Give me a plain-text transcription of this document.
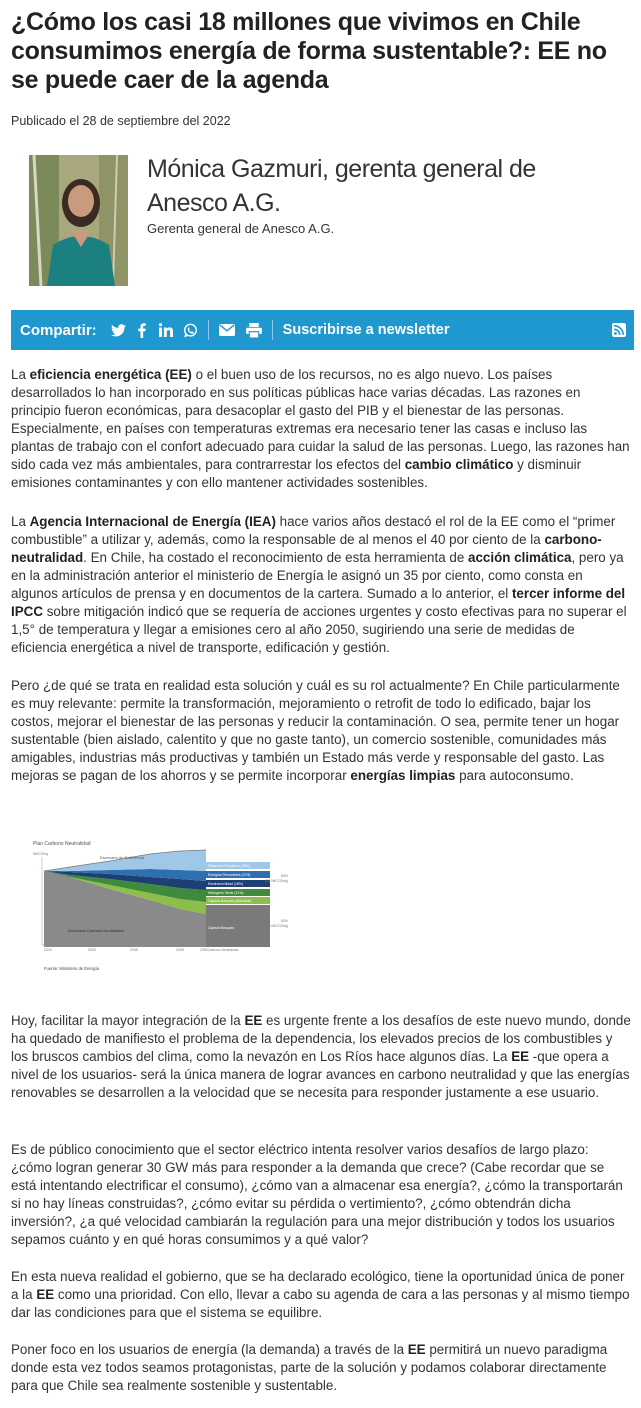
¿Cómo los casi 18 millones que vivimos en Chile consumimos energía de forma sustentable?: EE no se puede caer de la agenda
Publicado el 28 de septiembre del 2022
Mónica Gazmuri, gerenta general de Anesco A.G.
Gerenta general de Anesco A.G.
Compartir:	Suscribirse a newsletter

La eficiencia energética (EE) o el buen uso de los recursos, no es algo nuevo. Los países desarrollados lo han incorporado en sus políticas públicas hace varias décadas. Las razones en principio fueron económicas, para desacoplar el gasto del PIB y el bienestar de las personas. Especialmente, en países con temperaturas extremas era necesario tener las casas e incluso las plantas de trabajo con el confort adecuado para cuidar la salud de las personas. Luego, las razones han sido cada vez más ambientales, para contrarrestar los efectos del cambio climático y disminuir emisiones contaminantes y con ello mantener actividades sostenibles.

La Agencia Internacional de Energía (IEA) hace varios años destacó el rol de la EE como el “primer combustible” a utilizar y, además, como la responsable de al menos el 40 por ciento de la carbono-neutralidad. En Chile, ha costado el reconocimiento de esta herramienta de acción climática, pero ya en la administración anterior el ministerio de Energía le asignó un 35 por ciento, como consta en algunos artículos de prensa y en documentos de la cartera. Sumado a lo anterior, el tercer informe del IPCC sobre mitigación indicó que se requería de acciones urgentes y costo efectivas para no superar el 1,5° de temperatura y llegar a emisiones cero al año 2050, sugiriendo una serie de medidas de eficiencia energética a nivel de transporte, edificación y gestión.

Pero ¿de qué se trata en realidad esta solución y cuál es su rol actualmente? En Chile particularmente es muy relevante: permite la transformación, mejoramiento o retrofit de todo lo edificado, bajar los costos, mejorar el bienestar de las personas y reducir la contaminación. O sea, permite tener un hogar sustentable (bien aislado, calentito y que no gaste tanto), un comercio sostenible, comunidades más amigables, industrias más productivas y también un Estado más verde y responsable del gasto. Las mejoras se pagan de los ahorros y se permite incorporar energías limpias para autoconsumo.

Plan Carbono Neutralidad
MtCO2eq
Escenario de Referencia
Escenario Carbono Neutralidad
Eficiencia Energética (35%)
Energías Renovables (22%)
Electromovilidad (18%)
Hidrógeno Verde (21%)
Captura Bosques (Adicional)
Captura Bosques
50%
(25 MtCO2eq)
50%
(25 MtCO2eq)
2020	2025	2035	2045	2050 Carbono Neutralidad
Fuente: Ministerio de Energía

Hoy, facilitar la mayor integración de la EE es urgente frente a los desafíos de este nuevo mundo, donde ha quedado de manifiesto el problema de la dependencia, los elevados precios de los combustibles y los bruscos cambios del clima, como la nevazón en Los Ríos hace algunos días. La EE -que opera a nivel de los usuarios- será la única manera de lograr avances en carbono neutralidad y que las energías renovables se desarrollen a la velocidad que se necesita para responder justamente a ese usuario.

Es de público conocimiento que el sector eléctrico intenta resolver varios desafíos de largo plazo: ¿cómo logran generar 30 GW más para responder a la demanda que crece? (Cabe recordar que se está intentando electrificar el consumo), ¿cómo van a almacenar esa energía?, ¿cómo la transportarán si no hay líneas construidas?, ¿cómo evitar su pérdida o vertimiento?, ¿cómo obtendrán dicha inversión?, ¿a qué velocidad cambiarán la regulación para una mejor distribución y todos los usuarios sepamos cuánto y en qué horas consumimos y a qué valor?

En esta nueva realidad el gobierno, que se ha declarado ecológico, tiene la oportunidad única de poner a la EE como una prioridad. Con ello, llevar a cabo su agenda de cara a las personas y al mismo tiempo dar las condiciones para que el sistema se equilibre.

Poner foco en los usuarios de energía (la demanda) a través de la EE permitirá un nuevo paradigma donde esta vez todos seamos protagonistas, parte de la solución y podamos colaborar directamente para que Chile sea realmente sostenible y sustentable.
